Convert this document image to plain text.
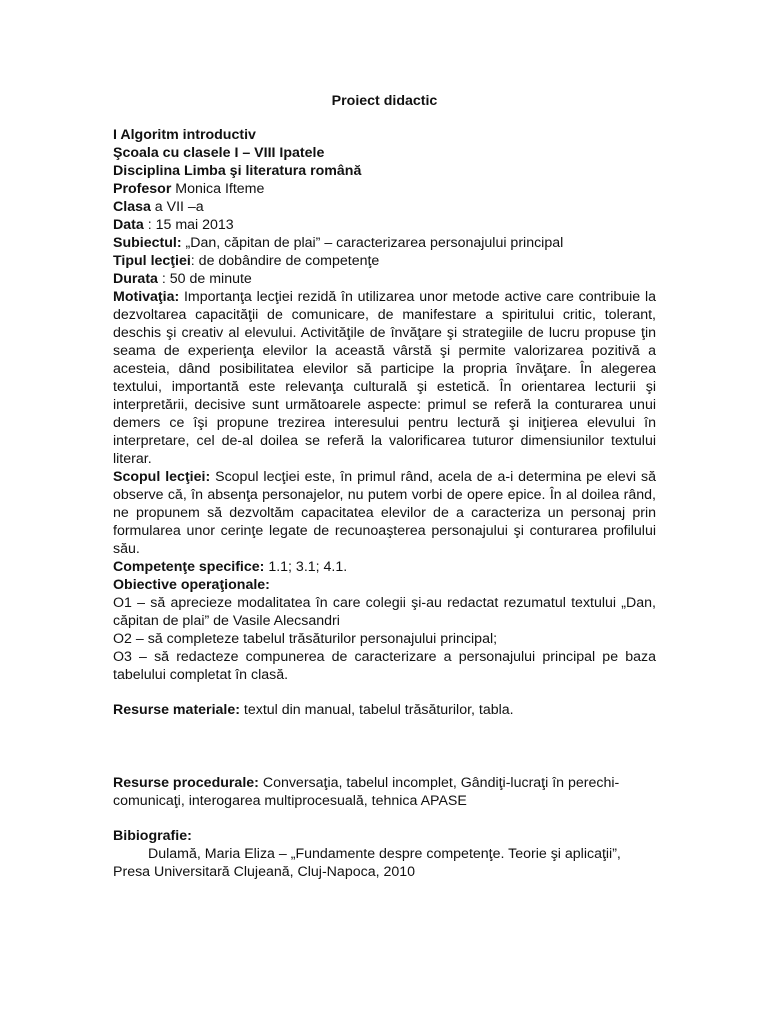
Proiect didactic

I Algoritm introductiv

Şcoala cu clasele I – VIII Ipatele

Disciplina Limba şi literatura română

Profesor Monica Ifteme

Clasa a VII –a

Data : 15 mai 2013

Subiectul: „Dan, căpitan de plai” – caracterizarea personajului principal

Tipul lecţiei: de dobândire de competenţe

Durata : 50 de minute

Motivaţia: Importanţa lecţiei rezidă în utilizarea unor metode active care contribuie la dezvoltarea capacităţii de comunicare, de manifestare a spiritului critic, tolerant, deschis şi creativ al elevului. Activităţile de învăţare şi strategiile de lucru propuse ţin seama de experienţa elevilor la această vârstă şi permite valorizarea pozitivă a acesteia, dând posibilitatea elevilor să participe la propria învăţare. În alegerea textului, importantă este relevanţa culturală şi estetică. În orientarea lecturii şi interpretării, decisive sunt următoarele aspecte: primul se referă la conturarea unui demers ce îşi propune trezirea interesului pentru lectură şi iniţierea elevului în interpretare, cel de-al doilea se referă la valorificarea tuturor dimensiunilor textului literar.

Scopul lecţiei: Scopul lecţiei este, în primul rând, acela de a-i determina pe elevi să observe că, în absenţa personajelor, nu putem vorbi de opere epice. În al doilea rând, ne propunem să dezvoltăm capacitatea elevilor de a caracteriza un personaj prin formularea unor cerinţe legate de recunoaşterea personajului şi conturarea profilului său.

Competenţe specifice: 1.1; 3.1; 4.1.

Obiective operaţionale:

O1 – să aprecieze modalitatea în care colegii şi-au redactat rezumatul textului „Dan, căpitan de plai” de Vasile Alecsandri

O2 – să completeze tabelul trăsăturilor personajului principal;

O3 – să redacteze compunerea de caracterizare a personajului principal pe baza tabelului completat în clasă.

Resurse materiale: textul din manual, tabelul trăsăturilor, tabla.

Resurse procedurale: Conversaţia, tabelul incomplet, Gândiţi-lucraţi în perechi-comunicaţi, interogarea multiprocesuală, tehnica APASE

Bibiografie:

Dulamă, Maria Eliza – „Fundamente despre competenţe. Teorie şi aplicaţii”, Presa Universitară Clujeană, Cluj-Napoca, 2010
